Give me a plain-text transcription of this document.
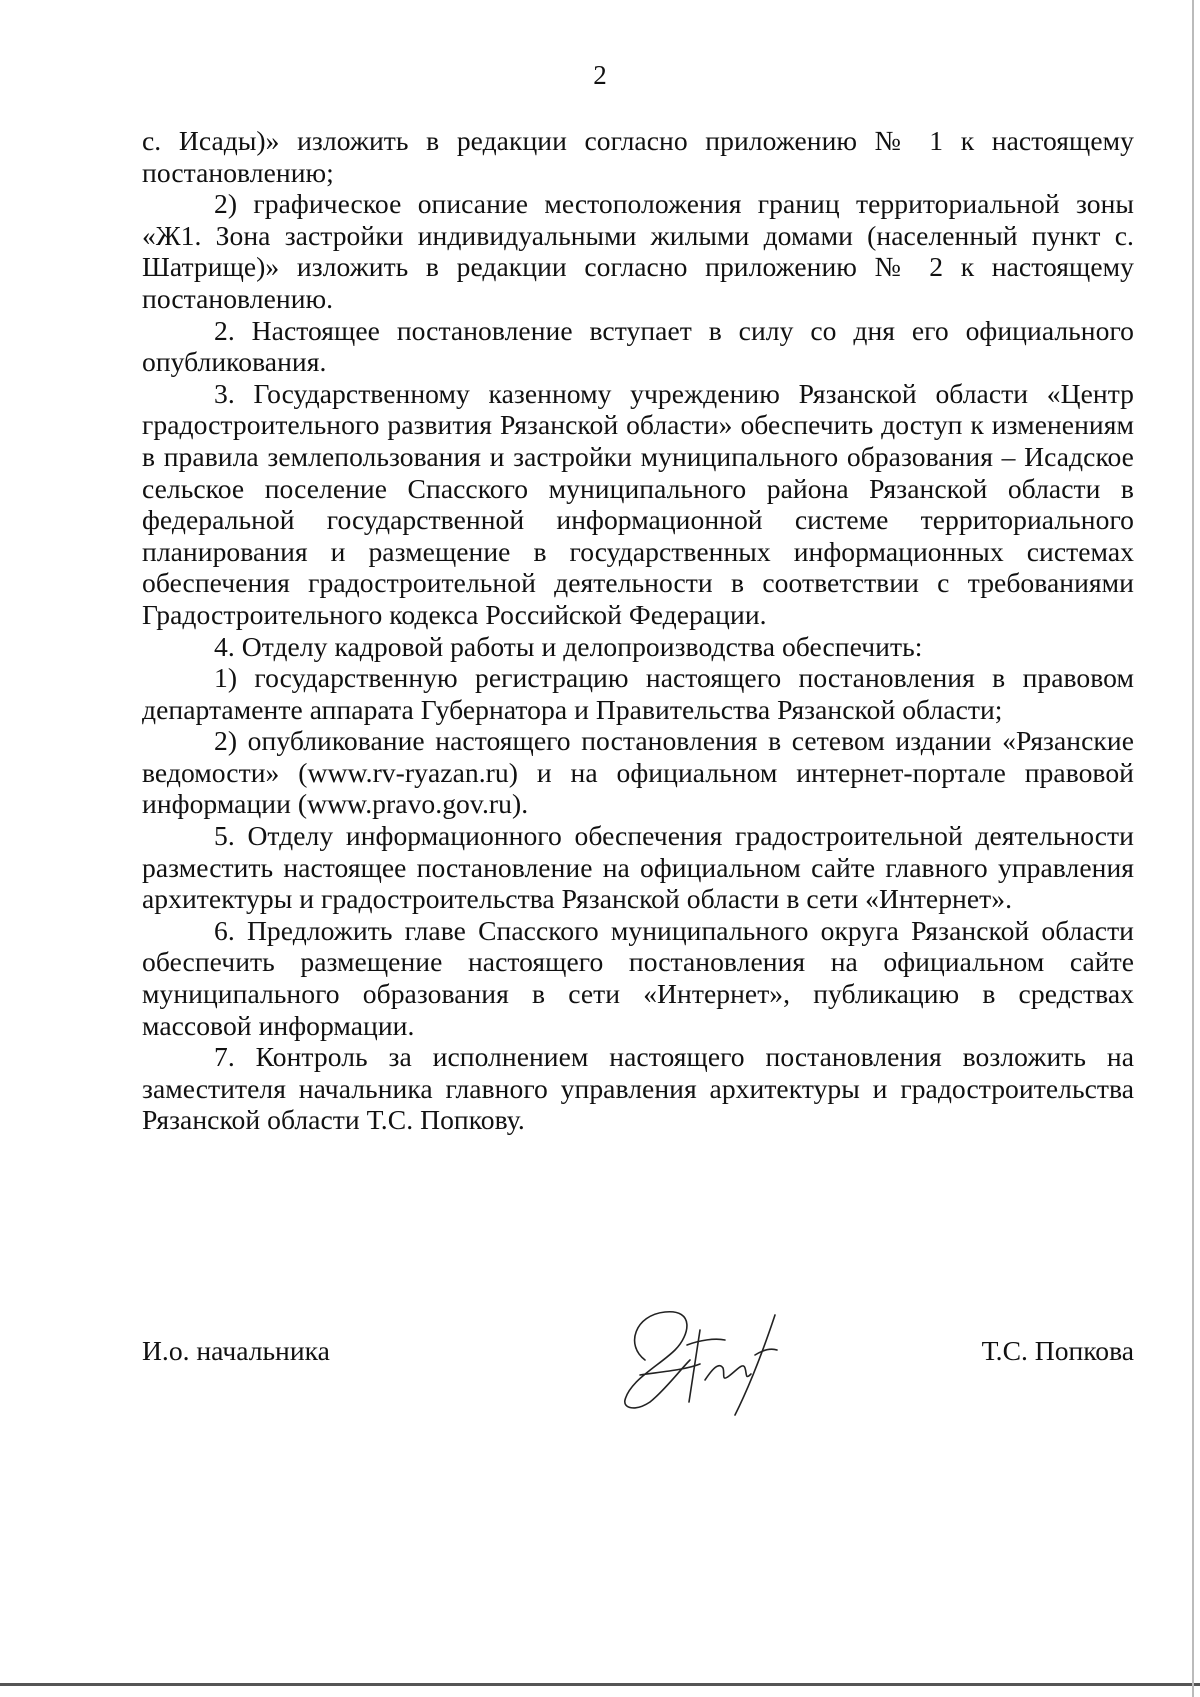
2

с. Исады)» изложить в редакции согласно приложению № 1 к настоящему постановлению;

2) графическое описание местоположения границ территориальной зоны «Ж1. Зона застройки индивидуальными жилыми домами (населенный пункт с. Шатрище)» изложить в редакции согласно приложению № 2 к настоящему постановлению.

2. Настоящее постановление вступает в силу со дня его официального опубликования.

3. Государственному казенному учреждению Рязанской области «Центр градостроительного развития Рязанской области» обеспечить доступ к изменениям в правила землепользования и застройки муниципального образования – Исадское сельское поселение Спасского муниципального района Рязанской области в федеральной государственной информационной системе территориального планирования и размещение в государственных информационных системах обеспечения градостроительной деятельности в соответствии с требованиями Градостроительного кодекса Российской Федерации.

4. Отделу кадровой работы и делопроизводства обеспечить:

1) государственную регистрацию настоящего постановления в правовом департаменте аппарата Губернатора и Правительства Рязанской области;

2) опубликование настоящего постановления в сетевом издании «Рязанские ведомости» (www.rv-ryazan.ru) и на официальном интернет-портале правовой информации (www.pravo.gov.ru).

5. Отделу информационного обеспечения градостроительной деятельности разместить настоящее постановление на официальном сайте главного управления архитектуры и градостроительства Рязанской области в сети «Интернет».

6. Предложить главе Спасского муниципального округа Рязанской области обеспечить размещение настоящего постановления на официальном сайте муниципального образования в сети «Интернет», публикацию в средствах массовой информации.

7. Контроль за исполнением настоящего постановления возложить на заместителя начальника главного управления архитектуры и градостроительства Рязанской области Т.С. Попкову.

И.о. начальника	Т.С. Попкова
